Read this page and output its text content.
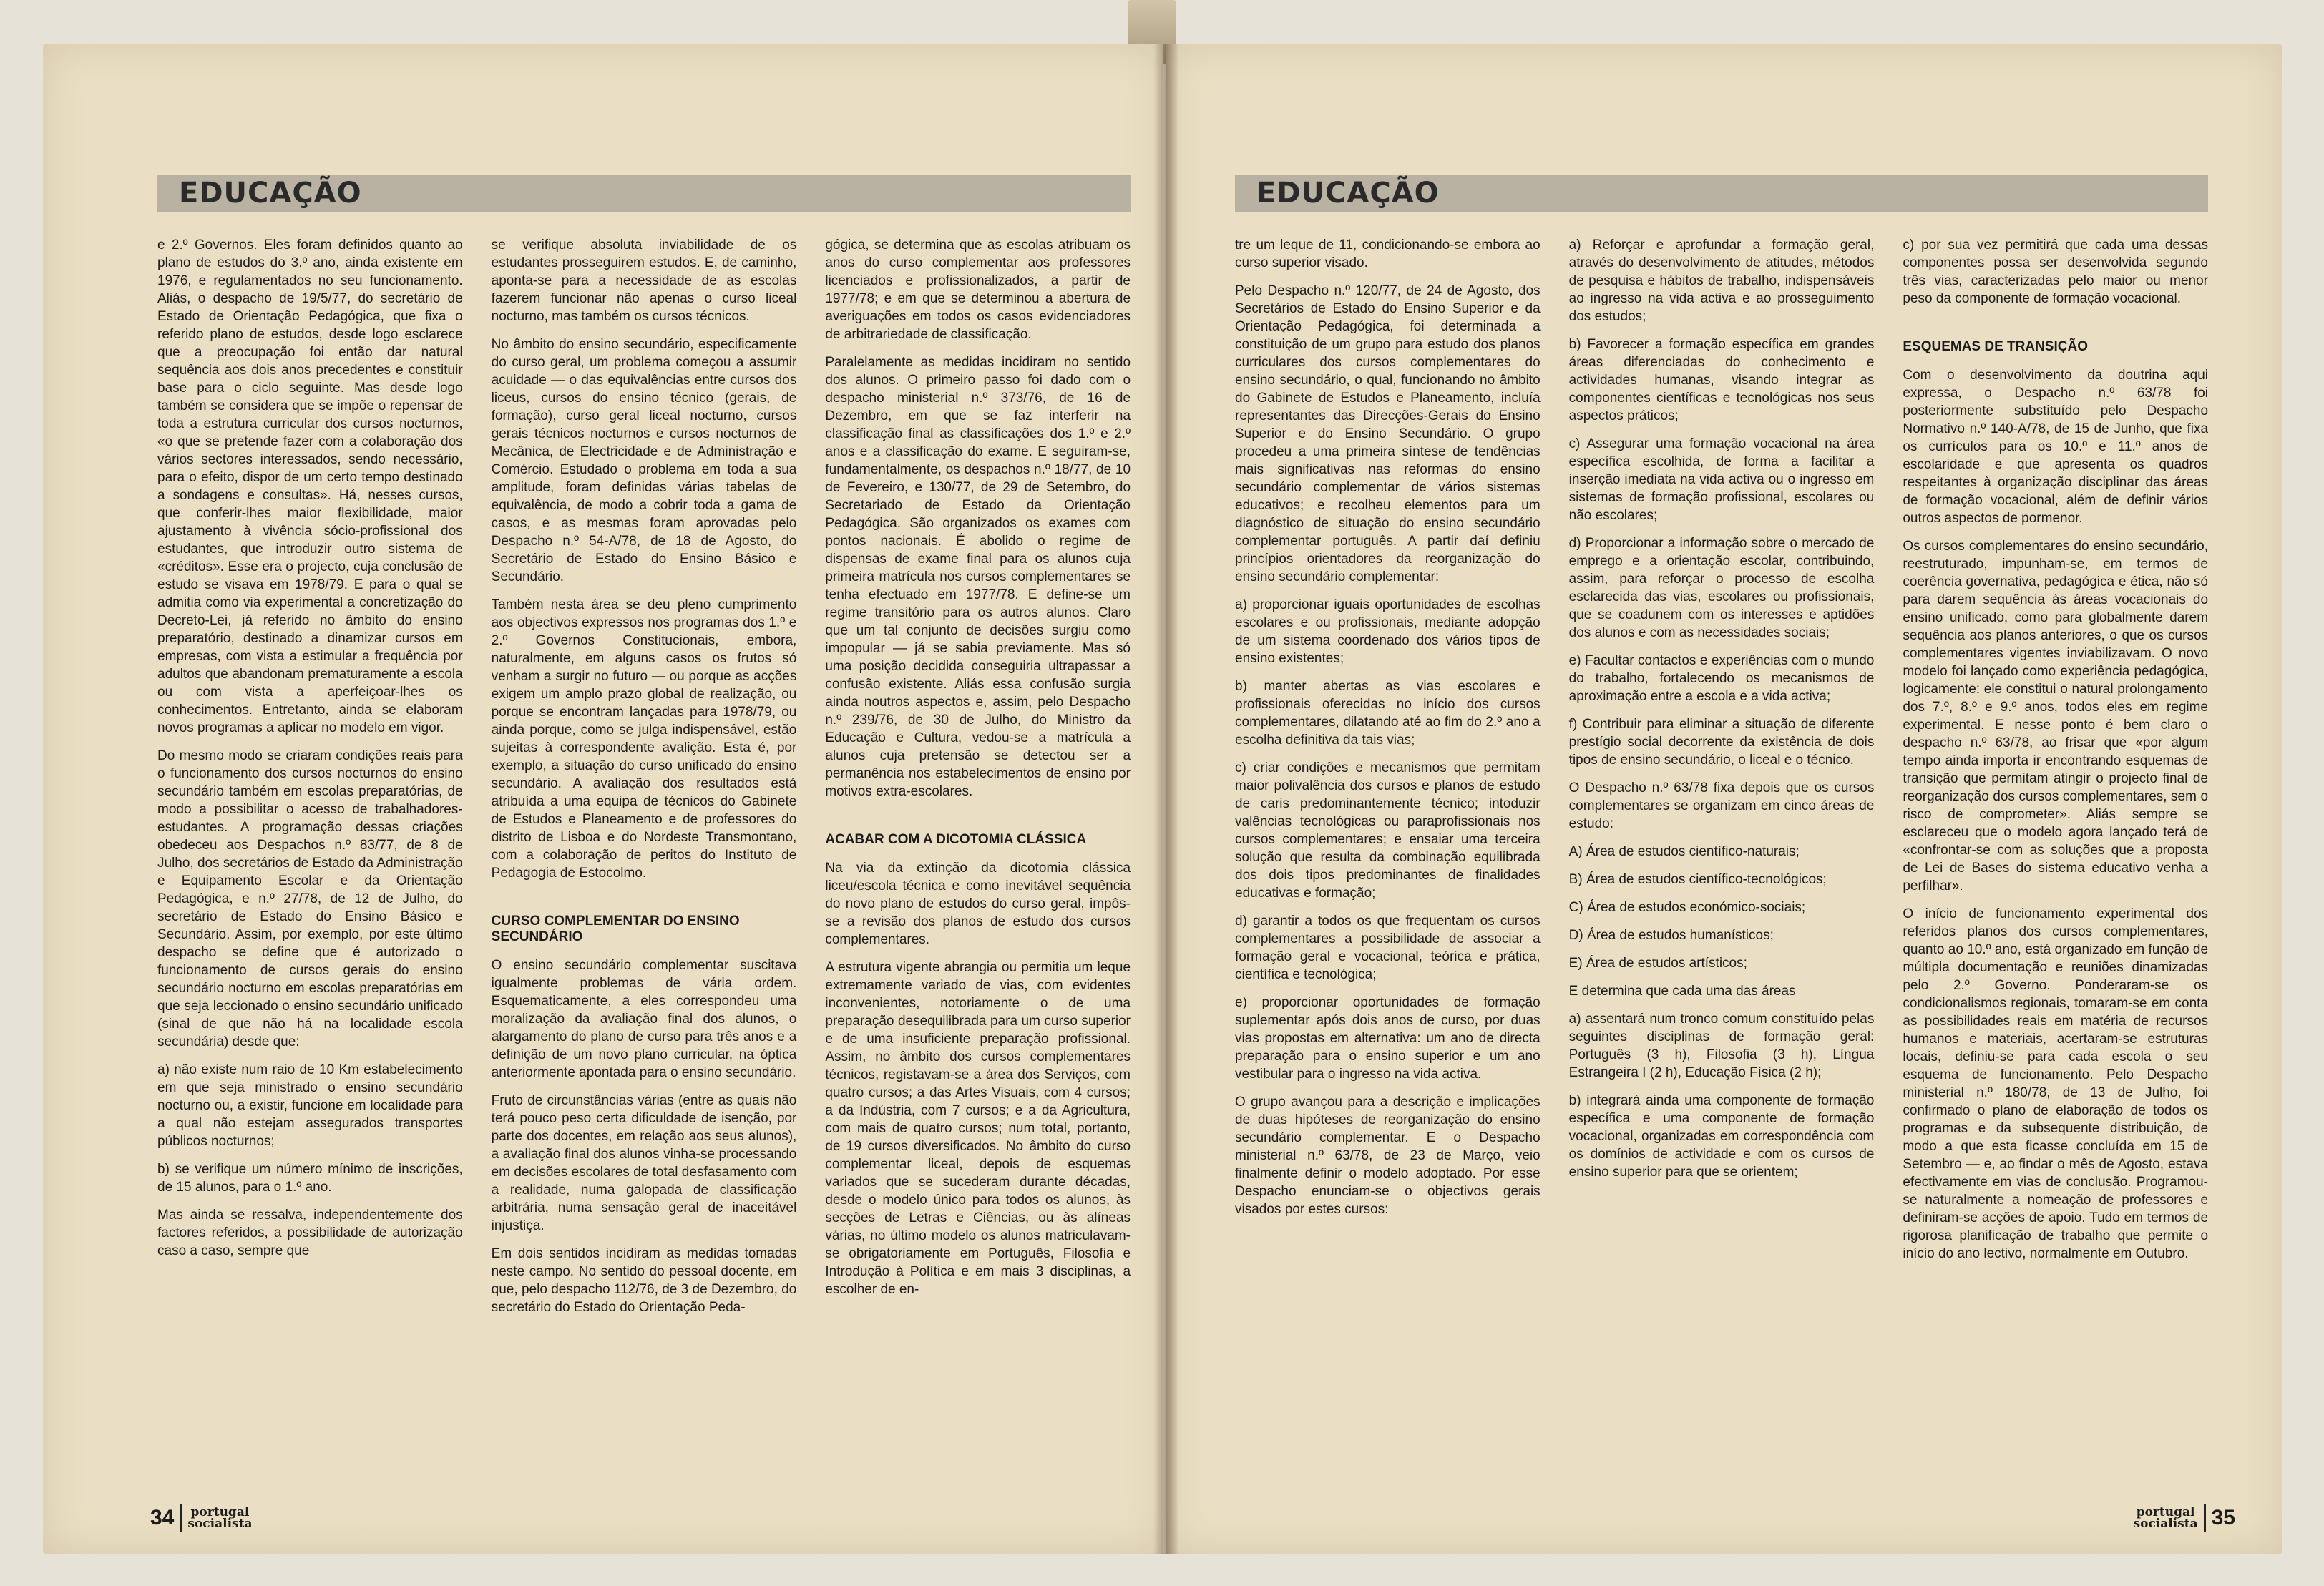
EDUCAÇÃO

e 2.º Governos. Eles foram definidos quanto ao plano de estudos do 3.º ano, ainda existente em 1976, e regulamentados no seu funcionamento. Aliás, o despacho de 19/5/77, do secretário de Estado de Orientação Pedagógica, que fixa o referido plano de estudos, desde logo esclarece que a preocupação foi então dar natural sequência aos dois anos precedentes e constituir base para o ciclo seguinte. Mas desde logo também se considera que se impõe o repensar de toda a estrutura curricular dos cursos nocturnos, «o que se pretende fazer com a colaboração dos vários sectores interessados, sendo necessário, para o efeito, dispor de um certo tempo destinado a sondagens e consultas». Há, nesses cursos, que conferir-lhes maior flexibilidade, maior ajustamento à vivência sócio-profissional dos estudantes, que introduzir outro sistema de «créditos». Esse era o projecto, cuja conclusão de estudo se visava em 1978/79. E para o qual se admitia como via experimental a concretização do Decreto-Lei, já referido no âmbito do ensino preparatório, destinado a dinamizar cursos em empresas, com vista a estimular a frequência por adultos que abandonam prematuramente a escola ou com vista a aperfeiçoar-lhes os conhecimentos. Entretanto, ainda se elaboram novos programas a aplicar no modelo em vigor.

Do mesmo modo se criaram condições reais para o funcionamento dos cursos nocturnos do ensino secundário também em escolas preparatórias, de modo a possibilitar o acesso de trabalhadores-estudantes. A programação dessas criações obedeceu aos Despachos n.º 83/77, de 8 de Julho, dos secretários de Estado da Administração e Equipamento Escolar e da Orientação Pedagógica, e n.º 27/78, de 12 de Julho, do secretário de Estado do Ensino Básico e Secundário. Assim, por exemplo, por este último despacho se define que é autorizado o funcionamento de cursos gerais do ensino secundário nocturno em escolas preparatórias em que seja leccionado o ensino secundário unificado (sinal de que não há na localidade escola secundária) desde que:

a) não existe num raio de 10 Km estabelecimento em que seja ministrado o ensino secundário nocturno ou, a existir, funcione em localidade para a qual não estejam assegurados transportes públicos nocturnos;

b) se verifique um número mínimo de inscrições, de 15 alunos, para o 1.º ano.

Mas ainda se ressalva, independentemente dos factores referidos, a possibilidade de autorização caso a caso, sempre que

se verifique absoluta inviabilidade de os estudantes prosseguirem estudos. E, de caminho, aponta-se para a necessidade de as escolas fazerem funcionar não apenas o curso liceal nocturno, mas também os cursos técnicos.

No âmbito do ensino secundário, especificamente do curso geral, um problema começou a assumir acuidade — o das equivalências entre cursos dos liceus, cursos do ensino técnico (gerais, de formação), curso geral liceal nocturno, cursos gerais técnicos nocturnos e cursos nocturnos de Mecânica, de Electricidade e de Administração e Comércio. Estudado o problema em toda a sua amplitude, foram definidas várias tabelas de equivalência, de modo a cobrir toda a gama de casos, e as mesmas foram aprovadas pelo Despacho n.º 54-A/78, de 18 de Agosto, do Secretário de Estado do Ensino Básico e Secundário.

Também nesta área se deu pleno cumprimento aos objectivos expressos nos programas dos 1.º e 2.º Governos Constitucionais, embora, naturalmente, em alguns casos os frutos só venham a surgir no futuro — ou porque as acções exigem um amplo prazo global de realização, ou porque se encontram lançadas para 1978/79, ou ainda porque, como se julga indispensável, estão sujeitas à correspondente avalição. Esta é, por exemplo, a situação do curso unificado do ensino secundário. A avaliação dos resultados está atribuída a uma equipa de técnicos do Gabinete de Estudos e Planeamento e de professores do distrito de Lisboa e do Nordeste Transmontano, com a colaboração de peritos do Instituto de Pedagogia de Estocolmo.

CURSO COMPLEMENTAR DO ENSINO SECUNDÁRIO

O ensino secundário complementar suscitava igualmente problemas de vária ordem. Esquematicamente, a eles correspondeu uma moralização da avaliação final dos alunos, o alargamento do plano de curso para três anos e a definição de um novo plano curricular, na óptica anteriormente apontada para o ensino secundário.

Fruto de circunstâncias várias (entre as quais não terá pouco peso certa dificuldade de isenção, por parte dos docentes, em relação aos seus alunos), a avaliação final dos alunos vinha-se processando em decisões escolares de total desfasamento com a realidade, numa galopada de classificação arbitrária, numa sensação geral de inaceitável injustiça.

Em dois sentidos incidiram as medidas tomadas neste campo. No sentido do pessoal docente, em que, pelo despacho 112/76, de 3 de Dezembro, do secretário do Estado do Orientação Peda-

gógica, se determina que as escolas atribuam os anos do curso complementar aos professores licenciados e profissionalizados, a partir de 1977/78; e em que se determinou a abertura de averiguações em todos os casos evidenciadores de arbitrariedade de classificação.

Paralelamente as medidas incidiram no sentido dos alunos. O primeiro passo foi dado com o despacho ministerial n.º 373/76, de 16 de Dezembro, em que se faz interferir na classificação final as classificações dos 1.º e 2.º anos e a classificação do exame. E seguiram-se, fundamentalmente, os despachos n.º 18/77, de 10 de Fevereiro, e 130/77, de 29 de Setembro, do Secretariado de Estado da Orientação Pedagógica. São organizados os exames com pontos nacionais. É abolido o regime de dispensas de exame final para os alunos cuja primeira matrícula nos cursos complementares se tenha efectuado em 1977/78. E define-se um regime transitório para os autros alunos. Claro que um tal conjunto de decisões surgiu como impopular — já se sabia previamente. Mas só uma posição decidida conseguiria ultrapassar a confusão existente. Aliás essa confusão surgia ainda noutros aspectos e, assim, pelo Despacho n.º 239/76, de 30 de Julho, do Ministro da Educação e Cultura, vedou-se a matrícula a alunos cuja pretensão se detectou ser a permanência nos estabelecimentos de ensino por motivos extra-escolares.

ACABAR COM A DICOTOMIA CLÁSSICA

Na via da extinção da dicotomia clássica liceu/escola técnica e como inevitável sequência do novo plano de estudos do curso geral, impôs-se a revisão dos planos de estudo dos cursos complementares.

A estrutura vigente abrangia ou permitia um leque extremamente variado de vias, com evidentes inconvenientes, notoriamente o de uma preparação desequilibrada para um curso superior e de uma insuficiente preparação profissional. Assim, no âmbito dos cursos complementares técnicos, registavam-se a área dos Serviços, com quatro cursos; a das Artes Visuais, com 4 cursos; a da Indústria, com 7 cursos; e a da Agricultura, com mais de quatro cursos; num total, portanto, de 19 cursos diversificados. No âmbito do curso complementar liceal, depois de esquemas variados que se sucederam durante décadas, desde o modelo único para todos os alunos, às secções de Letras e Ciências, ou às alíneas várias, no último modelo os alunos matriculavam-se obrigatoriamente em Português, Filosofia e Introdução à Política e em mais 3 disciplinas, a escolher de en-

34 portugal
socialista
EDUCAÇÃO

tre um leque de 11, condicionando-se embora ao curso superior visado.

Pelo Despacho n.º 120/77, de 24 de Agosto, dos Secretários de Estado do Ensino Superior e da Orientação Pedagógica, foi determinada a constituição de um grupo para estudo dos planos curriculares dos cursos complementares do ensino secundário, o qual, funcionando no âmbito do Gabinete de Estudos e Planeamento, incluía representantes das Direcções-Gerais do Ensino Superior e do Ensino Secundário. O grupo procedeu a uma primeira síntese de tendências mais significativas nas reformas do ensino secundário complementar de vários sistemas educativos; e recolheu elementos para um diagnóstico de situação do ensino secundário complementar português. A partir daí definiu princípios orientadores da reorganização do ensino secundário complementar:

a) proporcionar iguais oportunidades de escolhas escolares e ou profissionais, mediante adopção de um sistema coordenado dos vários tipos de ensino existentes;

b) manter abertas as vias escolares e profissionais oferecidas no início dos cursos complementares, dilatando até ao fim do 2.º ano a escolha definitiva da tais vias;

c) criar condições e mecanismos que permitam maior polivalência dos cursos e planos de estudo de caris predominantemente técnico; intoduzir valências tecnológicas ou paraprofissionais nos cursos complementares; e ensaiar uma terceira solução que resulta da combinação equilibrada dos dois tipos predominantes de finalidades educativas e formação;

d) garantir a todos os que frequentam os cursos complementares a possibilidade de associar a formação geral e vocacional, teórica e prática, científica e tecnológica;

e) proporcionar oportunidades de formação suplementar após dois anos de curso, por duas vias propostas em alternativa: um ano de directa preparação para o ensino superior e um ano vestibular para o ingresso na vida activa.

O grupo avançou para a descrição e implicações de duas hipóteses de reorganização do ensino secundário complementar. E o Despacho ministerial n.º 63/78, de 23 de Março, veio finalmente definir o modelo adoptado. Por esse Despacho enunciam-se o objectivos gerais visados por estes cursos:

a) Reforçar e aprofundar a formação geral, através do desenvolvimento de atitudes, métodos de pesquisa e hábitos de trabalho, indispensáveis ao ingresso na vida activa e ao prosseguimento dos estudos;

b) Favorecer a formação específica em grandes áreas diferenciadas do conhecimento e actividades humanas, visando integrar as componentes científicas e tecnológicas nos seus aspectos práticos;

c) Assegurar uma formação vocacional na área específica escolhida, de forma a facilitar a inserção imediata na vida activa ou o ingresso em sistemas de formação profissional, escolares ou não escolares;

d) Proporcionar a informação sobre o mercado de emprego e a orientação escolar, contribuindo, assim, para reforçar o processo de escolha esclarecida das vias, escolares ou profissionais, que se coadunem com os interesses e aptidões dos alunos e com as necessidades sociais;

e) Facultar contactos e experiências com o mundo do trabalho, fortalecendo os mecanismos de aproximação entre a escola e a vida activa;

f) Contribuir para eliminar a situação de diferente prestígio social decorrente da existência de dois tipos de ensino secundário, o liceal e o técnico.

O Despacho n.º 63/78 fixa depois que os cursos complementares se organizam em cinco áreas de estudo:

A) Área de estudos científico-naturais;

B) Área de estudos científico-tecnológicos;

C) Área de estudos económico-sociais;

D) Área de estudos humanísticos;

E) Área de estudos artísticos;

E determina que cada uma das áreas

a) assentará num tronco comum constituído pelas seguintes disciplinas de formação geral: Português (3 h), Filosofia (3 h), Língua Estrangeira I (2 h), Educação Física (2 h);

b) integrará ainda uma componente de formação específica e uma componente de formação vocacional, organizadas em correspondência com os domínios de actividade e com os cursos de ensino superior para que se orientem;

c) por sua vez permitirá que cada uma dessas componentes possa ser desenvolvida segundo três vias, caracterizadas pelo maior ou menor peso da componente de formação vocacional.

ESQUEMAS DE TRANSIÇÃO

Com o desenvolvimento da doutrina aqui expressa, o Despacho n.º 63/78 foi posteriormente substituído pelo Despacho Normativo n.º 140-A/78, de 15 de Junho, que fixa os currículos para os 10.º e 11.º anos de escolaridade e que apresenta os quadros respeitantes à organização disciplinar das áreas de formação vocacional, além de definir vários outros aspectos de pormenor.

Os cursos complementares do ensino secundário, reestruturado, impunham-se, em termos de coerência governativa, pedagógica e ética, não só para darem sequência às áreas vocacionais do ensino unificado, como para globalmente darem sequência aos planos anteriores, o que os cursos complementares vigentes inviabilizavam. O novo modelo foi lançado como experiência pedagógica, logicamente: ele constitui o natural prolongamento dos 7.º, 8.º e 9.º anos, todos eles em regime experimental. E nesse ponto é bem claro o despacho n.º 63/78, ao frisar que «por algum tempo ainda importa ir encontrando esquemas de transição que permitam atingir o projecto final de reorganização dos cursos complementares, sem o risco de comprometer». Aliás sempre se esclareceu que o modelo agora lançado terá de «confrontar-se com as soluções que a proposta de Lei de Bases do sistema educativo venha a perfilhar».

O início de funcionamento experimental dos referidos planos dos cursos complementares, quanto ao 10.º ano, está organizado em função de múltipla documentação e reuniões dinamizadas pelo 2.º Governo. Ponderaram-se os condicionalismos regionais, tomaram-se em conta as possibilidades reais em matéria de recursos humanos e materiais, acertaram-se estruturas locais, definiu-se para cada escola o seu esquema de funcionamento. Pelo Despacho ministerial n.º 180/78, de 13 de Julho, foi confirmado o plano de elaboração de todos os programas e da subsequente distribuição, de modo a que esta ficasse concluída em 15 de Setembro — e, ao findar o mês de Agosto, estava efectivamente em vias de conclusão. Programou-se naturalmente a nomeação de professores e definiram-se acções de apoio. Tudo em termos de rigorosa planificação de trabalho que permite o início do ano lectivo, normalmente em Outubro.

portugal
socialista 35
